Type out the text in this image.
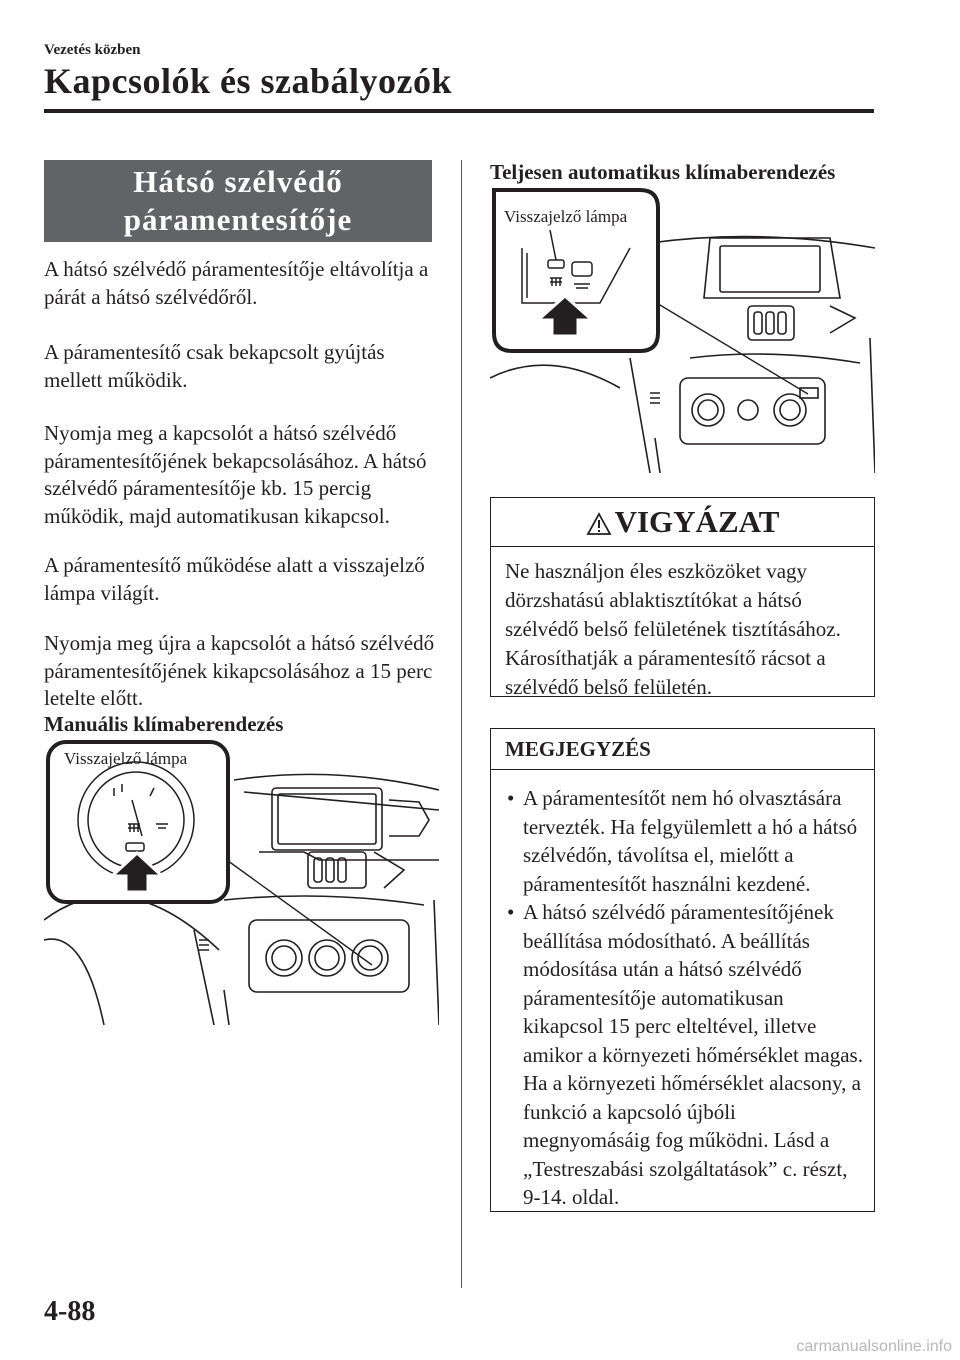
Vezetés közben
Kapcsolók és szabályozók
Hátsó szélvédő
páramentesítője

A hátsó szélvédő páramentesítője eltávolítja a párát a hátsó szélvédőről.

A páramentesítő csak bekapcsolt gyújtás mellett működik.

Nyomja meg a kapcsolót a hátsó szélvédő páramentesítőjének bekapcsolásához. A hátsó szélvédő páramentesítője kb. 15 percig működik, majd automatikusan kikapcsol.

A páramentesítő működése alatt a visszajelző lámpa világít.

Nyomja meg újra a kapcsolót a hátsó szélvédő páramentesítőjének kikapcsolásához a 15 perc letelte előtt.

Manuális klímaberendezés
Visszajelző lámpa
Teljesen automatikus klímaberendezés
Visszajelző lámpa
VIGYÁZAT
Ne használjon éles eszközöket vagy dörzshatású ablaktisztítókat a hátsó szélvédő belső felületének tisztításához. Károsíthatják a páramentesítő rácsot a szélvédő belső felületén.
MEGJEGYZÉS
• A páramentesítőt nem hó olvasztására tervezték. Ha felgyülemlett a hó a hátsó szélvédőn, távolítsa el, mielőtt a páramentesítőt használni kezdené.
• A hátsó szélvédő páramentesítőjének beállítása módosítható. A beállítás módosítása után a hátsó szélvédő páramentesítője automatikusan kikapcsol 15 perc elteltével, illetve amikor a környezeti hőmérséklet magas. Ha a környezeti hőmérséklet alacsony, a funkció a kapcsoló újbóli megnyomásáig fog működni. Lásd a „Testreszabási szolgáltatások” c. részt, 9-14. oldal.
4-88
carmanualsonline.info
